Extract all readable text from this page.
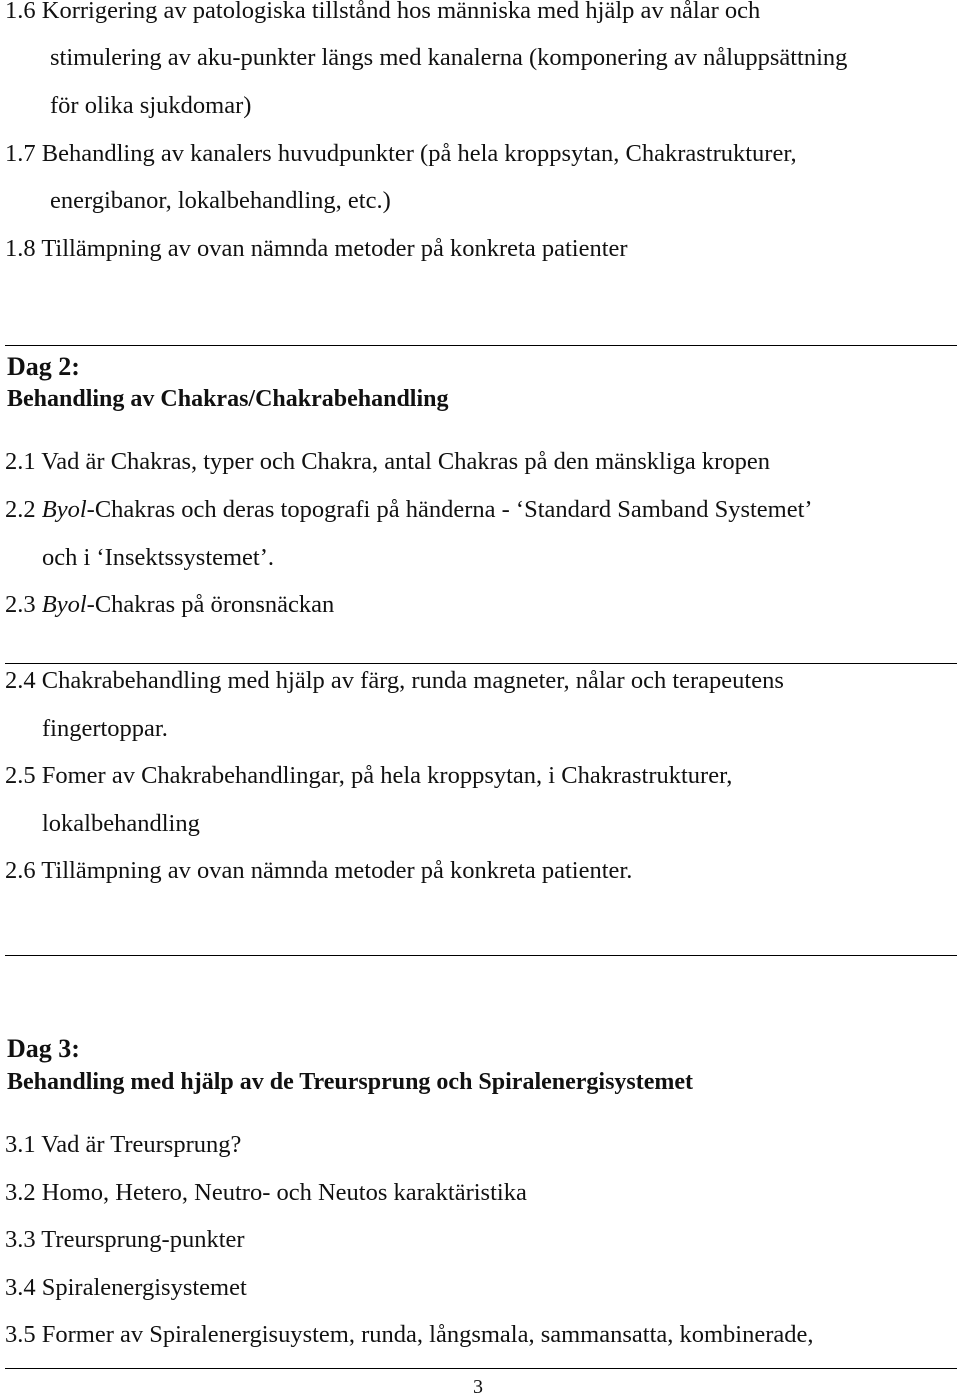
1.6 Korrigering av patologiska tillstånd hos människa med hjälp av nålar och

stimulering av aku-punkter längs med kanalerna (komponering av nåluppsättning

för olika sjukdomar)

1.7 Behandling av kanalers huvudpunkter (på hela kroppsytan, Chakrastrukturer,

energibanor, lokalbehandling, etc.)

1.8 Tillämpning av ovan nämnda metoder på konkreta patienter

Dag 2:

Behandling av Chakras/Chakrabehandling

2.1 Vad är Chakras, typer och Chakra, antal Chakras på den mänskliga kropen

2.2 Byol-Chakras och deras topografi på händerna - ‘Standard Samband Systemet’

och i ‘Insektssystemet’.

2.3 Byol-Chakras på öronsnäckan

2.4 Chakrabehandling med hjälp av färg, runda magneter, nålar och terapeutens

fingertoppar.

2.5 Fomer av Chakrabehandlingar, på hela kroppsytan, i Chakrastrukturer,

lokalbehandling

2.6 Tillämpning av ovan nämnda metoder på konkreta patienter.

Dag 3:

Behandling med hjälp av de Treursprung och Spiralenergisystemet

3.1 Vad är Treursprung?

3.2 Homo, Hetero, Neutro- och Neutos karaktäristika

3.3 Treursprung-punkter

3.4 Spiralenergisystemet

3.5 Former av Spiralenergisuystem, runda, långsmala, sammansatta, kombinerade,

3
